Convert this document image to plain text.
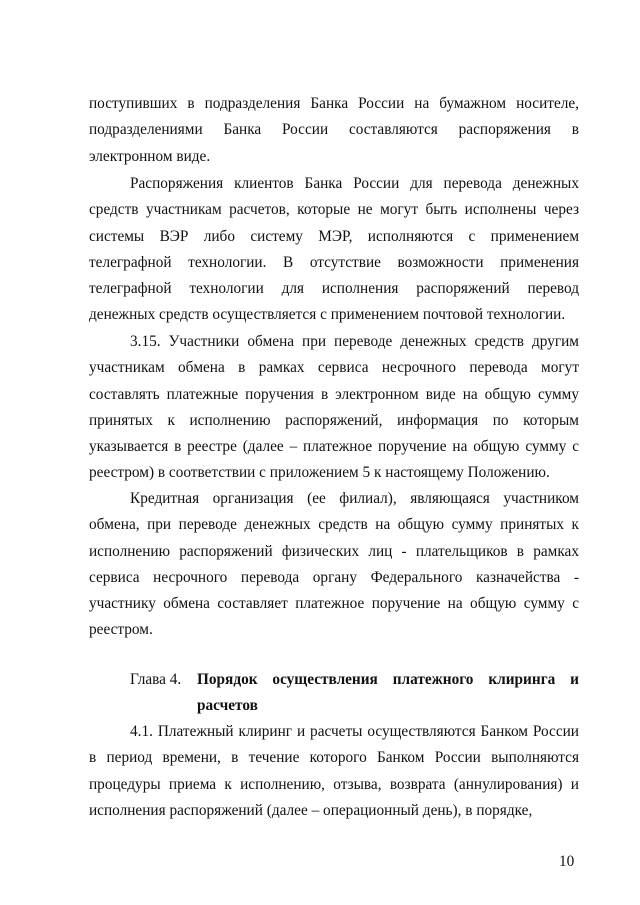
поступивших в подразделения Банка России на бумажном носителе, подразделениями Банка России составляются распоряжения в электронном виде.

Распоряжения клиентов Банка России для перевода денежных средств участникам расчетов, которые не могут быть исполнены через системы ВЭР либо систему МЭР, исполняются с применением телеграфной технологии. В отсутствие возможности применения телеграфной технологии для исполнения распоряжений перевод денежных средств осуществляется с применением почтовой технологии.

3.15. Участники обмена при переводе денежных средств другим участникам обмена в рамках сервиса несрочного перевода могут составлять платежные поручения в электронном виде на общую сумму принятых к исполнению распоряжений, информация по которым указывается в реестре (далее – платежное поручение на общую сумму с реестром) в соответствии с приложением 5 к настоящему Положению.

Кредитная организация (ее филиал), являющаяся участником обмена, при переводе денежных средств на общую сумму принятых к исполнению распоряжений физических лиц - плательщиков в рамках сервиса несрочного перевода органу Федерального казначейства - участнику обмена составляет платежное поручение на общую сумму с реестром.

Глава 4.	Порядок осуществления платежного клиринга и
расчетов

4.1. Платежный клиринг и расчеты осуществляются Банком России в период времени, в течение которого Банком России выполняются процедуры приема к исполнению, отзыва, возврата (аннулирования) и исполнения распоряжений (далее – операционный день), в порядке,

10
